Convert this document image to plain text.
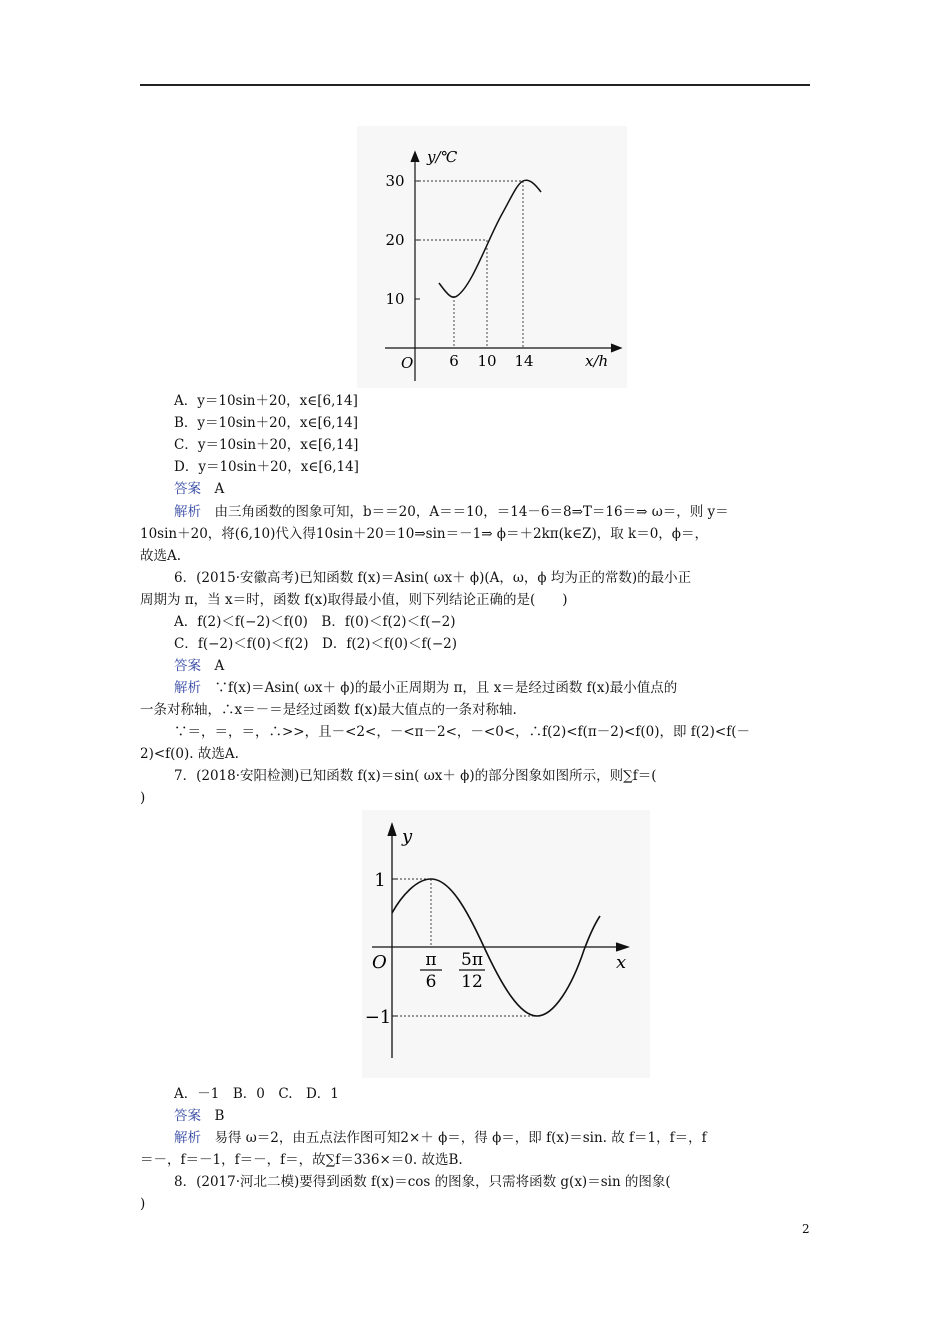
y/℃
30
20
10
O 6 10 14	x/h
A．y＝10sin＋20，x∈[6,14]
B．y＝10sin＋20，x∈[6,14]
C．y＝10sin＋20，x∈[6,14]
D．y＝10sin＋20，x∈[6,14]
答案　 A
解析　 由三角函数的图象可知，b＝＝20，A＝＝10，＝14－6＝8⇒T＝16＝⇒ ω＝，则 y＝
10sin＋20，将(6,10)代入得10sin＋20＝10⇒sin＝－1⇒ ϕ＝＋2kπ(k∈Z)，取 k＝0，ϕ＝，
故选A.
6．(2015·安徽高考)已知函数 f(x)＝Asin( ωx＋ ϕ)(A，ω，ϕ 均为正的常数)的最小正
周期为 π，当 x＝时，函数 f(x)取得最小值，则下列结论正确的是(　　)
A．f(2)＜f(−2)＜f(0)　B．f(0)＜f(2)＜f(−2)
C．f(−2)＜f(0)＜f(2)　D．f(2)＜f(0)＜f(−2)
答案　 A
解析　 ∵f(x)＝Asin( ωx＋ ϕ)的最小正周期为 π，且 x＝是经过函数 f(x)最小值点的
一条对称轴，∴x＝－＝是经过函数 f(x)最大值点的一条对称轴.
∵＝，＝，＝，∴>>，且－<2<，－<π－2<，－<0<，∴f(2)<f(π－2)<f(0)，即 f(2)<f(－
2)<f(0). 故选A.
7．(2018·安阳检测)已知函数 f(x)＝sin( ωx＋ ϕ)的部分图象如图所示，则∑f＝(
)
y
x
O
1
−1
π
6
5π
12
A．－1　B．0　C.　D．1
答案　 B
解析　 易得 ω＝2，由五点法作图可知2×＋ ϕ＝，得 ϕ＝，即 f(x)＝sin. 故 f＝1，f＝，f
＝－，f＝－1，f＝－，f＝，故∑f＝336×＝0. 故选B.
8．(2017·河北二模)要得到函数 f(x)＝cos 的图象，只需将函数 g(x)＝sin 的图象(
)
2
